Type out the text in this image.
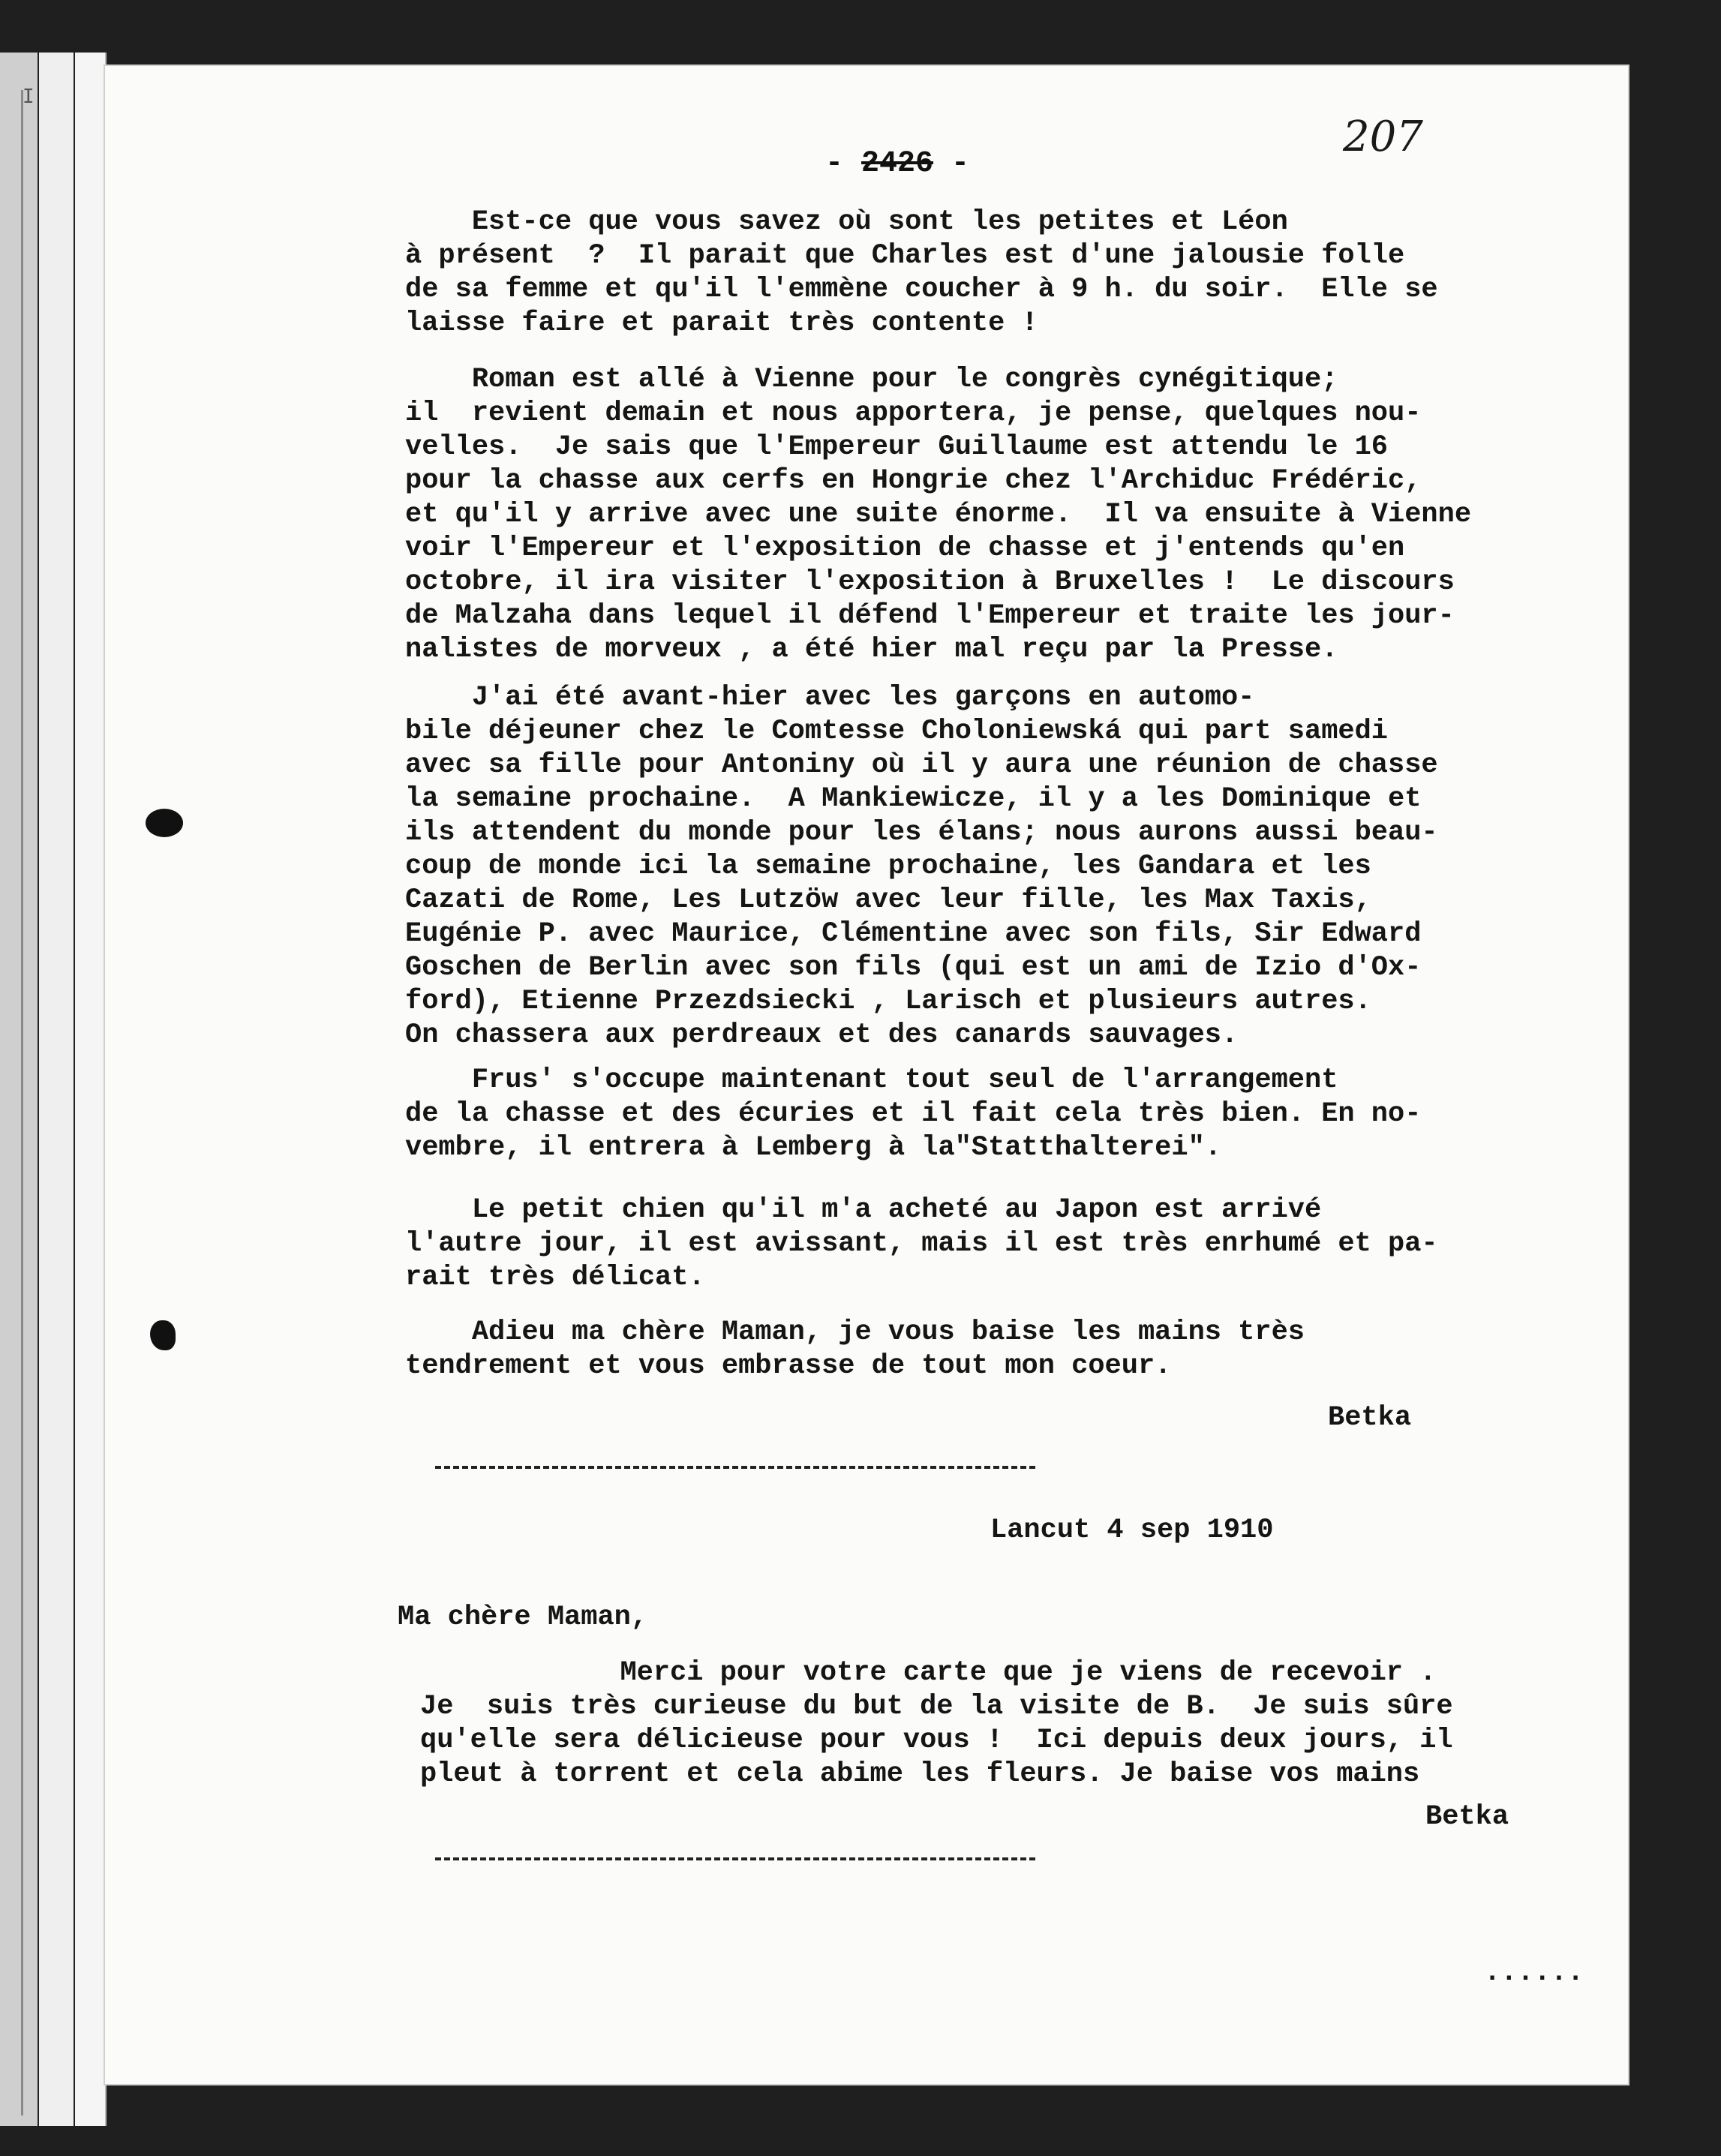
I
207
- 2426 -
Est-ce que vous savez où sont les petites et Léon
à présent  ?  Il parait que Charles est d'une jalousie folle
de sa femme et qu'il l'emmène coucher à 9 h. du soir.  Elle se
laisse faire et parait très contente !
Roman est allé à Vienne pour le congrès cynégitique;
il  revient demain et nous apportera, je pense, quelques nou-
velles.  Je sais que l'Empereur Guillaume est attendu le 16
pour la chasse aux cerfs en Hongrie chez l'Archiduc Frédéric,
et qu'il y arrive avec une suite énorme.  Il va ensuite à Vienne
voir l'Empereur et l'exposition de chasse et j'entends qu'en
octobre, il ira visiter l'exposition à Bruxelles !  Le discours
de Malzaha dans lequel il défend l'Empereur et traite les jour-
nalistes de morveux , a été hier mal reçu par la Presse.
J'ai été avant-hier avec les garçons en automo-
bile déjeuner chez le Comtesse Choloniewská qui part samedi
avec sa fille pour Antoniny où il y aura une réunion de chasse
la semaine prochaine.  A Mankiewicze, il y a les Dominique et
ils attendent du monde pour les élans; nous aurons aussi beau-
coup de monde ici la semaine prochaine, les Gandara et les
Cazati de Rome, Les Lutzöw avec leur fille, les Max Taxis,
Eugénie P. avec Maurice, Clémentine avec son fils, Sir Edward
Goschen de Berlin avec son fils (qui est un ami de Izio d'Ox-
ford), Etienne Przezdsiecki , Larisch et plusieurs autres.
On chassera aux perdreaux et des canards sauvages.
Frus' s'occupe maintenant tout seul de l'arrangement
de la chasse et des écuries et il fait cela très bien. En no-
vembre, il entrera à Lemberg à la"Statthalterei".
Le petit chien qu'il m'a acheté au Japon est arrivé
l'autre jour, il est avissant, mais il est très enrhumé et pa-
rait très délicat.
Adieu ma chère Maman, je vous baise les mains très
tendrement et vous embrasse de tout mon coeur.
Betka
Lancut 4 sep 1910
Ma chère Maman,
Merci pour votre carte que je viens de recevoir .
Je  suis très curieuse du but de la visite de B.  Je suis sûre
qu'elle sera délicieuse pour vous !  Ici depuis deux jours, il
pleut à torrent et cela abime les fleurs. Je baise vos mains
Betka
......
